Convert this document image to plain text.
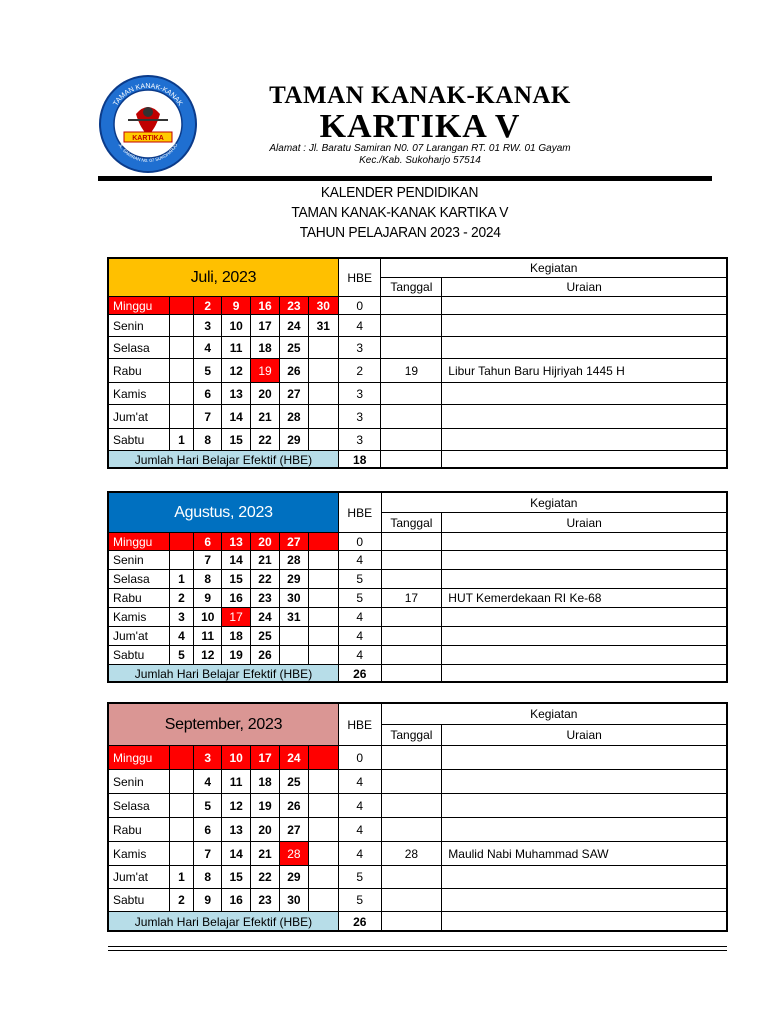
KARTIKA
TAMAN KANAK-KANAK
JL. SAMIRAN N0. 07 SUKOHARJO
TAMAN KANAK-KANAK
KARTIKA V
Alamat : Jl. Baratu Samiran N0. 07 Larangan RT. 01 RW. 01 Gayam
Kec./Kab. Sukoharjo 57514
KALENDER PENDIDIKAN
TAMAN KANAK-KANAK KARTIKA V
TAHUN PELAJARAN 2023 - 2024
Juli, 2023							HBE	Kegiatan	
								Tanggal	Uraian
Minggu		2	9	16	23	30	0		
Senin		3	10	17	24	31	4		
Selasa		4	11	18	25		3		
Rabu		5	12	19	26		2	19	Libur Tahun Baru Hijriyah 1445 H
Kamis		6	13	20	27		3		
Jum'at		7	14	21	28		3		
Sabtu	1	8	15	22	29		3		
Jumlah Hari Belajar Efektif (HBE)							18		
Agustus, 2023							HBE	Kegiatan	
								Tanggal	Uraian
Minggu		6	13	20	27		0		
Senin		7	14	21	28		4		
Selasa	1	8	15	22	29		5		
Rabu	2	9	16	23	30		5	17	HUT Kemerdekaan RI Ke-68
Kamis	3	10	17	24	31		4		
Jum'at	4	11	18	25			4		
Sabtu	5	12	19	26			4		
Jumlah Hari Belajar Efektif (HBE)							26		
September, 2023							HBE	Kegiatan	
								Tanggal	Uraian
Minggu		3	10	17	24		0		
Senin		4	11	18	25		4		
Selasa		5	12	19	26		4		
Rabu		6	13	20	27		4		
Kamis		7	14	21	28		4	28	Maulid Nabi Muhammad SAW
Jum'at	1	8	15	22	29		5		
Sabtu	2	9	16	23	30		5		
Jumlah Hari Belajar Efektif (HBE)							26		
